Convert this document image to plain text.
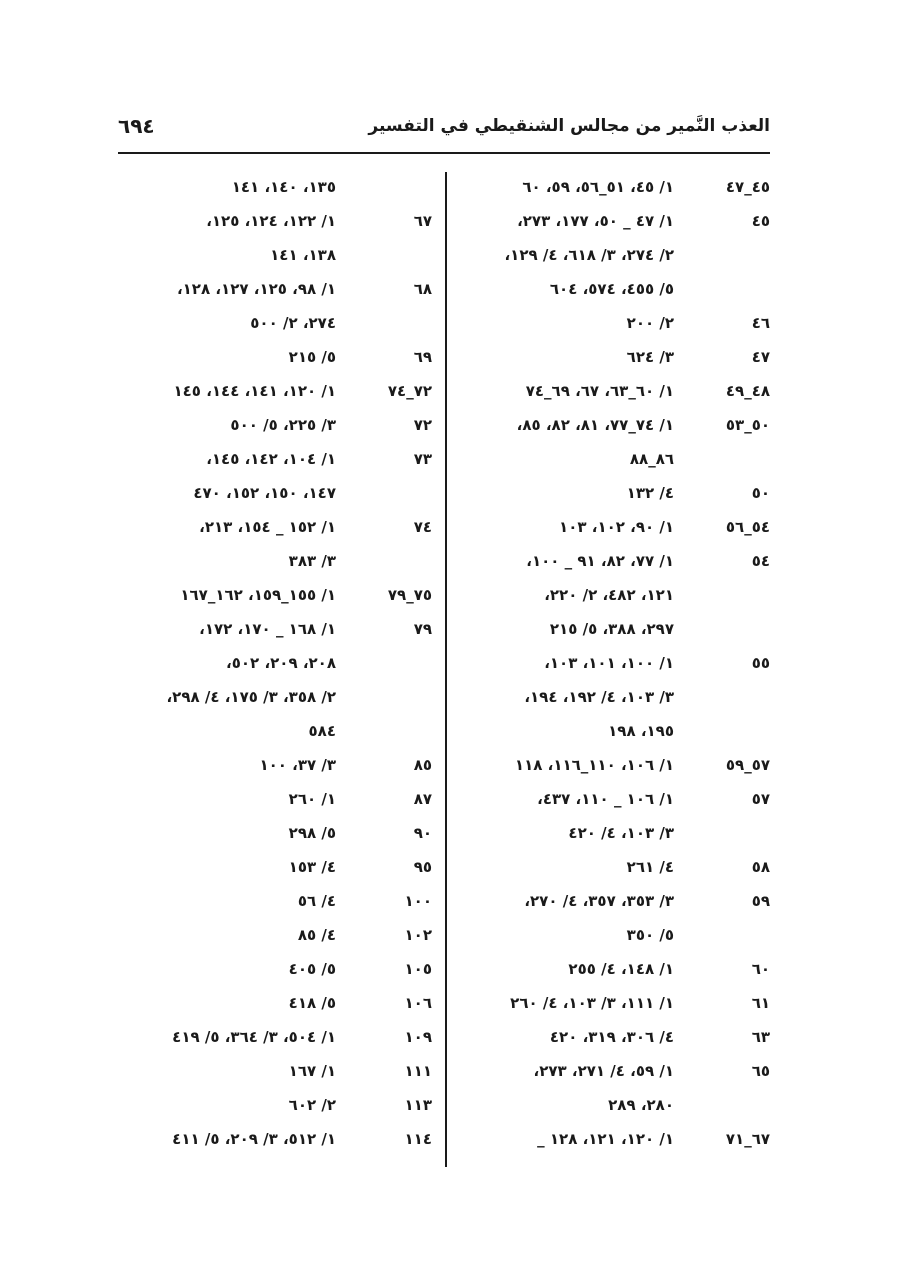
العذب النَّمير من مجالس الشنقيطي في التفسير
٦٩٤
٤٥_٤٧
١/ ٤٥، ٥١_٥٦، ٥٩، ٦٠
٤٥
١/ ٤٧ _ ٥٠، ١٧٧، ٢٧٣،
٢/ ٢٧٤، ٣/ ٦١٨، ٤/ ١٢٩،
٥/ ٤٥٥، ٥٧٤، ٦٠٤
٤٦
٢/ ٢٠٠
٤٧
٣/ ٦٢٤
٤٨_٤٩
١/ ٦٠_٦٣، ٦٧، ٦٩_٧٤
٥٠_٥٣
١/ ٧٤_٧٧، ٨١، ٨٢، ٨٥،
٨٦_٨٨
٥٠
٤/ ١٣٢
٥٤_٥٦
١/ ٩٠، ١٠٢، ١٠٣
٥٤
١/ ٧٧، ٨٢، ٩١ _ ١٠٠،
١٢١، ٤٨٢، ٢/ ٢٢٠،
٢٩٧، ٣٨٨، ٥/ ٢١٥
٥٥
١/ ١٠٠، ١٠١، ١٠٣،
٣/ ١٠٣، ٤/ ١٩٢، ١٩٤،
١٩٥، ١٩٨
٥٧_٥٩
١/ ١٠٦، ١١٠_١١٦، ١١٨
٥٧
١/ ١٠٦ _ ١١٠، ٤٣٧،
٣/ ١٠٣، ٤/ ٤٢٠
٥٨
٤/ ٢٦١
٥٩
٣/ ٣٥٣، ٣٥٧، ٤/ ٢٧٠،
٥/ ٣٥٠
٦٠
١/ ١٤٨، ٤/ ٢٥٥
٦١
١/ ١١١، ٣/ ١٠٣، ٤/ ٢٦٠
٦٣
٤/ ٣٠٦، ٣١٩، ٤٢٠
٦٥
١/ ٥٩، ٤/ ٢٧١، ٢٧٣،
٢٨٠، ٢٨٩
٦٧_٧١
١/ ١٢٠، ١٢١، ١٢٨ _
١٣٥، ١٤٠، ١٤١
٦٧
١/ ١٢٢، ١٢٤، ١٢٥،
١٣٨، ١٤١
٦٨
١/ ٩٨، ١٢٥، ١٢٧، ١٢٨،
٢٧٤، ٢/ ٥٠٠
٦٩
٥/ ٢١٥
٧٢_٧٤
١/ ١٢٠، ١٤١، ١٤٤، ١٤٥
٧٢
٣/ ٢٢٥، ٥/ ٥٠٠
٧٣
١/ ١٠٤، ١٤٢، ١٤٥،
١٤٧، ١٥٠، ١٥٢، ٤٧٠
٧٤
١/ ١٥٢ _ ١٥٤، ٢١٣،
٣/ ٣٨٣
٧٥_٧٩
١/ ١٥٥_١٥٩، ١٦٢_١٦٧
٧٩
١/ ١٦٨ _ ١٧٠، ١٧٢،
٢٠٨، ٢٠٩، ٥٠٢،
٢/ ٣٥٨، ٣/ ١٧٥، ٤/ ٢٩٨،
٥٨٤
٨٥
٣/ ٣٧، ١٠٠
٨٧
١/ ٢٦٠
٩٠
٥/ ٢٩٨
٩٥
٤/ ١٥٣
١٠٠
٤/ ٥٦
١٠٢
٤/ ٨٥
١٠٥
٥/ ٤٠٥
١٠٦
٥/ ٤١٨
١٠٩
١/ ٥٠٤، ٣/ ٣٦٤، ٥/ ٤١٩
١١١
١/ ١٦٧
١١٣
٢/ ٦٠٢
١١٤
١/ ٥١٢، ٣/ ٢٠٩، ٥/ ٤١١
